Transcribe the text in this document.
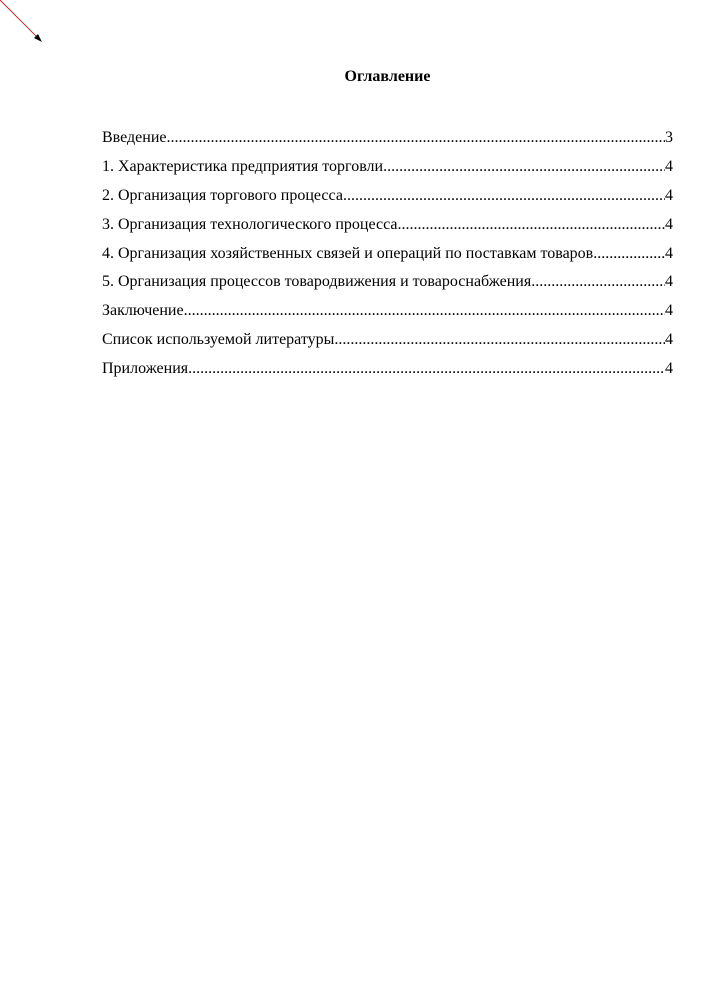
Оглавление
Введение .....	3
1. Характеристика предприятия торговли .....	4
2. Организация торгового процесса .....	4
3. Организация технологического процесса .....	4
4. Организация хозяйственных связей и операций по поставкам товаров .....	4
5. Организация процессов товародвижения и товароснабжения .....	4
Заключение .....	4
Список используемой литературы .....	4
Приложения .....	4
